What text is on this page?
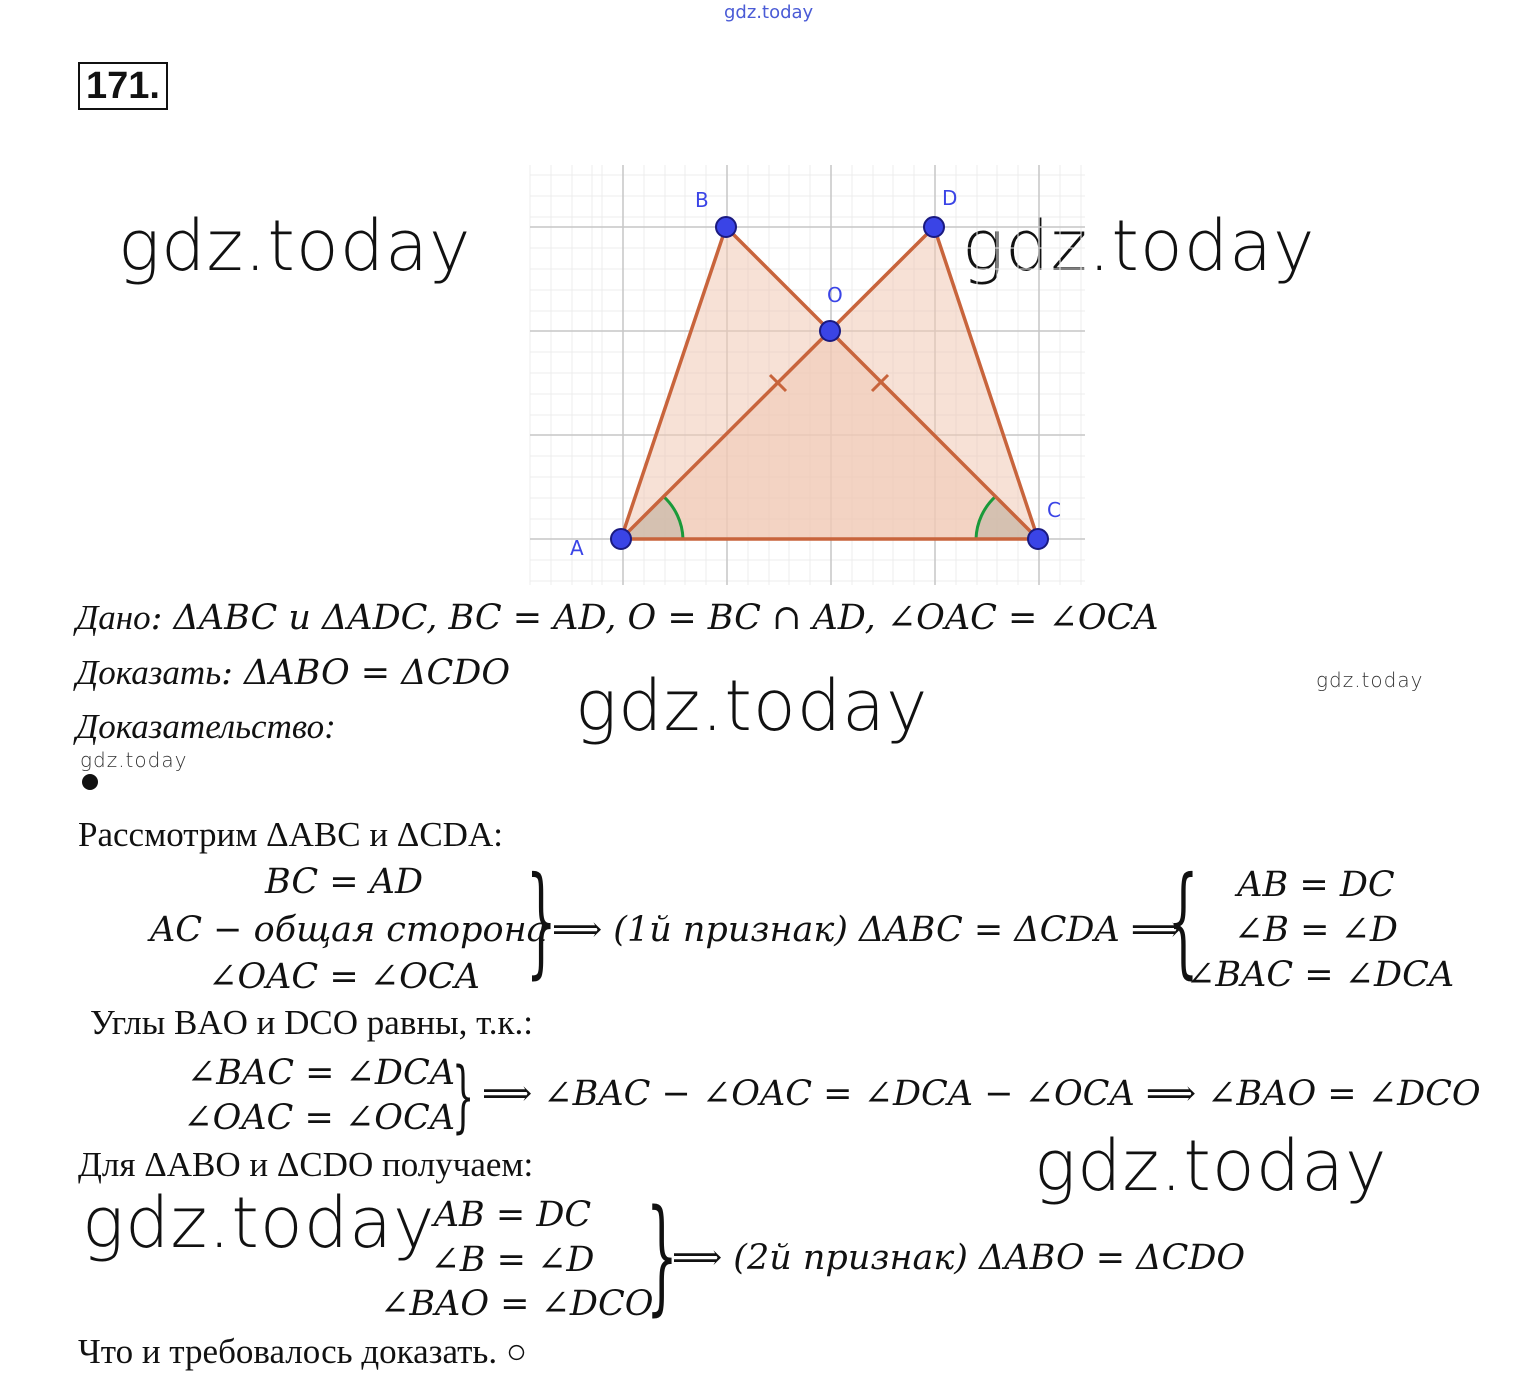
gdz.today
171.
gdz.today	gdz.today
gdz.today	gdz.today
gdz.today
gdz.today
gdz.today
A
B
C
D
O
Дано: ΔABC и ΔADC, BC = AD, O = BC ∩ AD, ∠OAC = ∠OCA
Доказать: ΔABO = ΔCDO
Доказательство:
Рассмотрим ΔABC и ΔCDA:
BC = AD
AC − общая сторона
∠OAC = ∠OCA }
⟹ (1й признак) ΔABC = ΔCDA ⟹
{	AB = DC
∠B = ∠D
∠BAC = ∠DCA
Углы BAO и DCO равны, т.к.:
∠BAC = ∠DCA
∠OAC = ∠OCA
} ⟹ ∠BAC − ∠OAC = ∠DCA − ∠OCA ⟹ ∠BAO = ∠DCO
Для ΔABO и ΔCDO получаем:
AB = DC
∠B = ∠D
∠BAO = ∠DCO
}
⟹ (2й признак) ΔABO = ΔCDO
Что и требовалось доказать. ○
